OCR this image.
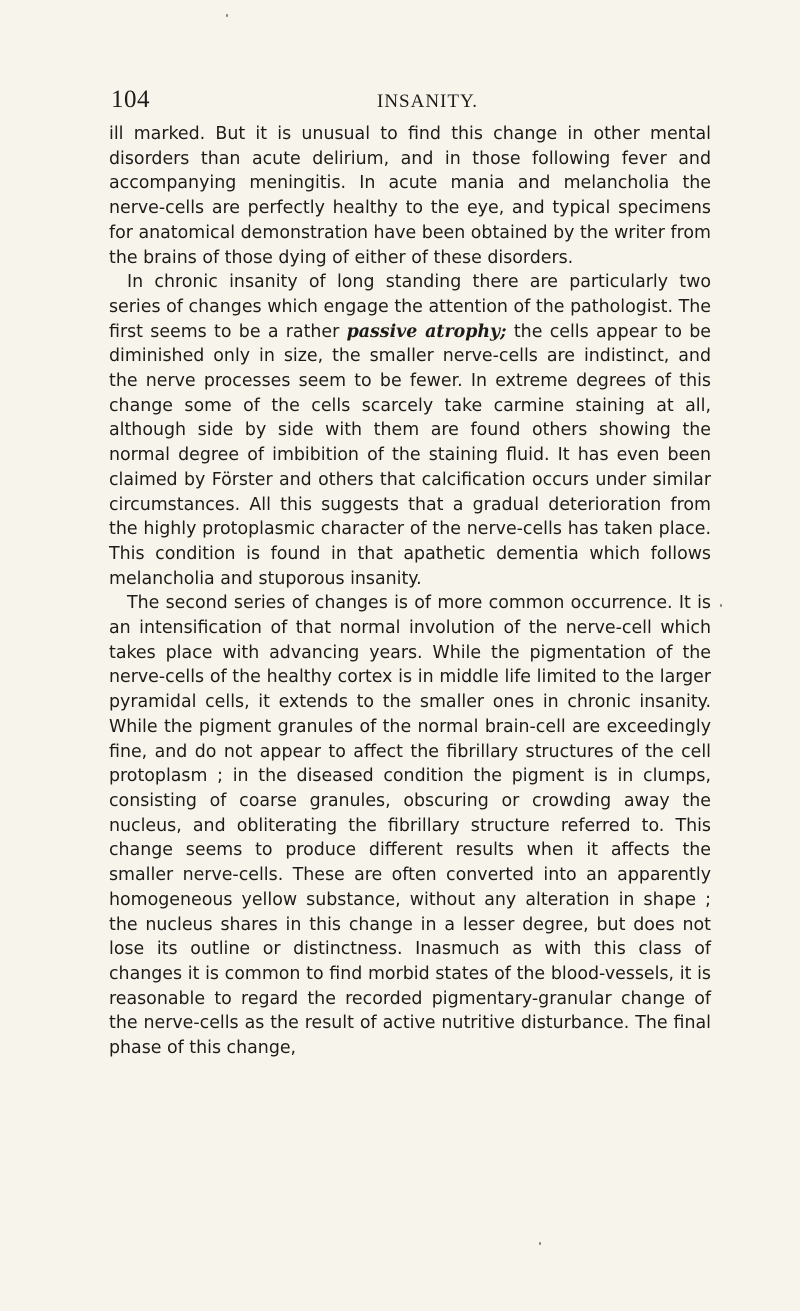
104	INSANITY.

ill marked. But it is unusual to find this change in other mental disorders than acute delirium, and in those following fever and accompanying meningitis. In acute mania and melancholia the nerve-cells are perfectly healthy to the eye, and typical specimens for anatomical demonstration have been obtained by the writer from the brains of those dying of either of these disorders.

In chronic insanity of long standing there are particularly two series of changes which engage the attention of the pathologist. The first seems to be a rather passive atrophy; the cells appear to be diminished only in size, the smaller nerve-cells are indistinct, and the nerve processes seem to be fewer. In extreme degrees of this change some of the cells scarcely take carmine staining at all, although side by side with them are found others showing the normal degree of imbibition of the staining fluid. It has even been claimed by Förster and others that calcification occurs under similar circumstances. All this suggests that a gradual deterioration from the highly protoplasmic character of the nerve-cells has taken place. This condition is found in that apathetic dementia which follows melancholia and stuporous insanity.

The second series of changes is of more common occurrence. It is an intensification of that normal involution of the nerve-cell which takes place with advancing years. While the pigmentation of the nerve-cells of the healthy cortex is in middle life limited to the larger pyramidal cells, it extends to the smaller ones in chronic insanity. While the pigment granules of the normal brain-cell are exceedingly fine, and do not appear to affect the fibrillary structures of the cell protoplasm ; in the diseased condition the pigment is in clumps, consisting of coarse granules, obscuring or crowding away the nucleus, and obliterating the fibrillary structure referred to. This change seems to produce different results when it affects the smaller nerve-cells. These are often converted into an apparently homogeneous yellow substance, without any alteration in shape ; the nucleus shares in this change in a lesser degree, but does not lose its outline or distinctness. Inasmuch as with this class of changes it is common to find morbid states of the blood-vessels, it is reasonable to regard the recorded pigmentary-granular change of the nerve-cells as the result of active nutritive disturbance. The final phase of this change,
